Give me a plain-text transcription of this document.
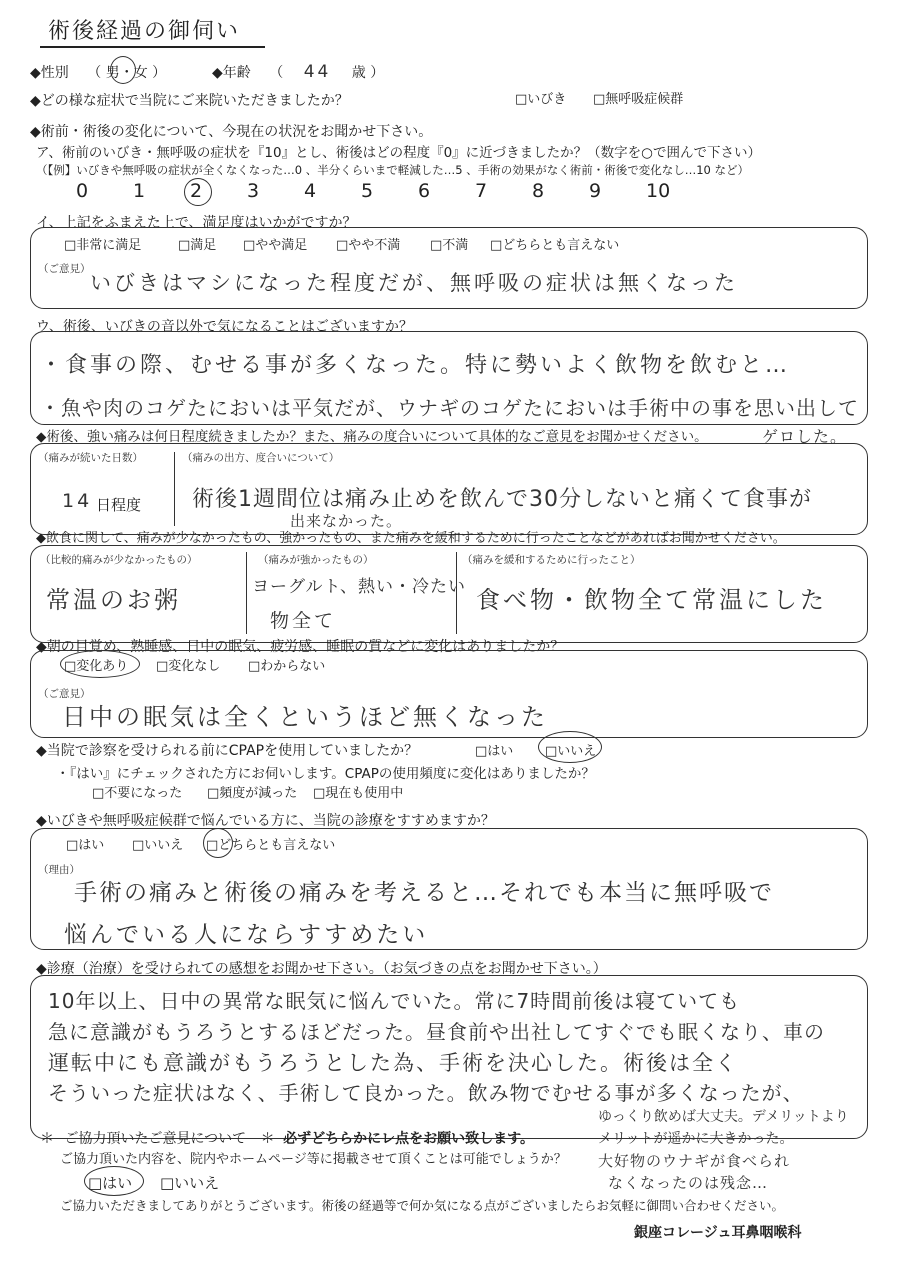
術後経過の御伺い
◆性別 （ 男・女 ）	◆年齢 （ 44 歳 ）
◆どの様な症状で当院にご来院いただきましたか？	□いびき □無呼吸症候群
◆術前・術後の変化について、今現在の状況をお聞かせ下さい。
ア、術前のいびき・無呼吸の症状を『10』とし、術後はどの程度『0』に近づきましたか？（数字を○で囲んで下さい）
（【例】いびきや無呼吸の症状が全くなくなった…0 、半分くらいまで軽減した…5 、手術の効果がなく術前・術後で変化なし…10 など）
0 1 2 3 4 5 6 7 8 9 10
イ、上記をふまえた上で、満足度はいかがですか？
□非常に満足	□満足 □やや満足 □やや不満 □不満 □どちらとも言えない
（ご意見）
いびきはマシになった程度だが、無呼吸の症状は無くなった
ウ、術後、いびきの音以外で気になることはございますか？
・食事の際、むせる事が多くなった。特に勢いよく飲物を飲むと…
・魚や肉のコゲたにおいは平気だが、ウナギのコゲたにおいは手術中の事を思い出して
ゲロした。
◆術後、強い痛みは何日程度続きましたか？また、痛みの度合いについて具体的なご意見をお聞かせください。
（痛みが続いた日数）
14 日程度
（痛みの出方、度合いについて）
術後1週間位は痛み止めを飲んで30分しないと痛くて食事が
出来なかった。
◆飲食に関して、痛みが少なかったもの、強かったもの、また痛みを緩和するために行ったことなどがあればお聞かせください。
（比較的痛みが少なかったもの）
常温のお粥
（痛みが強かったもの）
ヨーグルト、熱い・冷たい
物全て
（痛みを緩和するために行ったこと）
食べ物・飲物全て常温にした
◆朝の目覚め、熟睡感、日中の眠気、疲労感、睡眠の質などに変化はありましたか？
□変化あり □変化なし □わからない
（ご意見）
日中の眠気は全くというほど無くなった
◆当院で診察を受けられる前にCPAPを使用していましたか？	□はい □いいえ
・『はい』にチェックされた方にお伺いします。CPAPの使用頻度に変化はありましたか？
□不要になった □頻度が減った □現在も使用中
◆いびきや無呼吸症候群で悩んでいる方に、当院の診療をすすめますか？
□はい □いいえ □どちらとも言えない
（理由）
手術の痛みと術後の痛みを考えると…それでも本当に無呼吸で
悩んでいる人にならすすめたい
◆診療（治療）を受けられての感想をお聞かせ下さい。（お気づきの点をお聞かせ下さい。）
10年以上、日中の異常な眠気に悩んでいた。常に7時間前後は寝ていても
急に意識がもうろうとするほどだった。昼食前や出社してすぐでも眠くなり、車の
運転中にも意識がもうろうとした為、手術を決心した。術後は全く
そういった症状はなく、手術して良かった。飲み物でむせる事が多くなったが、
ゆっくり飲めば大丈夫。デメリットより
メリットが遥かに大きかった。
大好物のウナギが食べられ
なくなったのは残念…
＊ ご協力頂いたご意見について ＊ 必ずどちらかにレ点をお願い致します。
ご協力頂いた内容を、院内やホームページ等に掲載させて頂くことは可能でしょうか？
□はい □いいえ
ご協力いただきましてありがとうございます。術後の経過等で何か気になる点がございましたらお気軽に御問い合わせください。
銀座コレージュ耳鼻咽喉科
